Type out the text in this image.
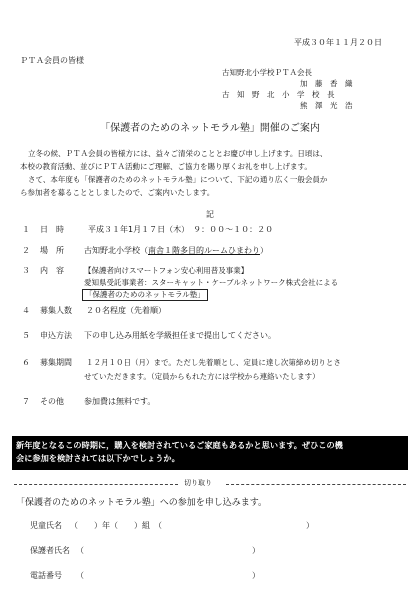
平成３０年１１月２０日
ＰＴＡ会員の皆様
古知野北小学校ＰＴＡ会長
加　藤　香　織
古　知　野　北　小　学　校　長
熊　澤　光　浩
「保護者のためのネットモラル塾」開催のご案内
立冬の候、ＰＴＡ会員の皆様方には、益々ご清栄のこととお慶び申し上げます。日頃は、
本校の教育活動、並びにＰＴＡ活動にご理解、ご協力を賜り厚くお礼を申し上げます。
さて、本年度も「保護者のためのネットモラル塾」について、下記の通り広く一般会員か
ら参加者を募ることとしましたので、ご案内いたします。
記
１ 日　時	平成３１年1月１７日（木）　９：００～１０：２０
２ 場　所	古知野北小学校（南舎１階多目的ルームひまわり）
３ 内　容	【保護者向けスマートフォン安心利用普及事業】
愛知県受託事業者：スターキャット・ケーブルネットワーク株式会社による
「保護者のためのネットモラル塾」
４ 募集人数 ２０名程度（先着順）
５ 申込方法 下の申し込み用紙を学級担任まで提出してください。
６ 募集期間 １２月１０日（月）まで。ただし先着順とし、定員に達し次第締め切りとさ
せていただきます。（定員からもれた方には学校から連絡いたします）
７ その他	参加費は無料です。
新年度となるこの時期に，購入を検討されているご家庭もあるかと思います。ぜひこの機
会に参加を検討されては以下かでしょうか。
切り取り
「保護者のためのネットモラル塾」への参加を申し込みます。
児童氏名 （　　）年（　　）組　（　　　　　　　　　　　　　　　　　　）
保護者氏名 （　　　　　　　　　　　　　　　　　　　　　）
電話番号 （　　　　　　　　　　　　　　　　　　　　　）
